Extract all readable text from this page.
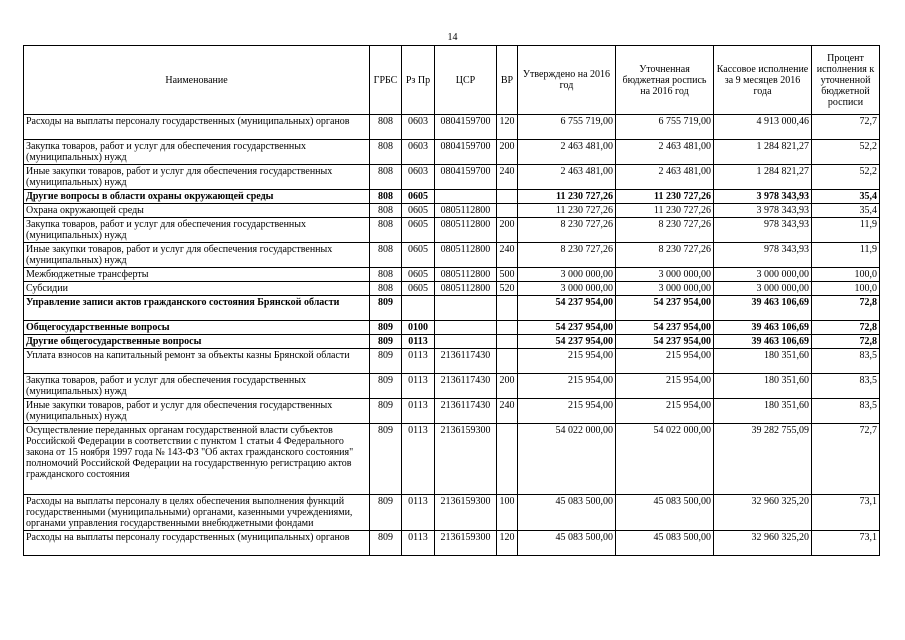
14
Наименование	ГРБС	Рз Пр	ЦСР	ВР	Утверждено на 2016 год	Уточненная бюджетная роспись на 2016 год	Кассовое исполнение за 9 месяцев 2016 года	Процент исполнения к уточненной бюджетной росписи
Расходы на выплаты персоналу государственных (муниципальных) органов	808	0603	0804159700	120	6 755 719,00	6 755 719,00	4 913 000,46	72,7
Закупка товаров, работ и услуг для обеспечения государственных (муниципальных) нужд	808	0603	0804159700	200	2 463 481,00	2 463 481,00	1 284 821,27	52,2
Иные закупки товаров, работ и услуг для обеспечения государственных (муниципальных) нужд	808	0603	0804159700	240	2 463 481,00	2 463 481,00	1 284 821,27	52,2
Другие вопросы в области охраны окружающей среды	808	0605			11 230 727,26	11 230 727,26	3 978 343,93	35,4
Охрана окружающей среды	808	0605	0805112800		11 230 727,26	11 230 727,26	3 978 343,93	35,4
Закупка товаров, работ и услуг для обеспечения государственных (муниципальных) нужд	808	0605	0805112800	200	8 230 727,26	8 230 727,26	978 343,93	11,9
Иные закупки товаров, работ и услуг для обеспечения государственных (муниципальных) нужд	808	0605	0805112800	240	8 230 727,26	8 230 727,26	978 343,93	11,9
Межбюджетные трансферты	808	0605	0805112800	500	3 000 000,00	3 000 000,00	3 000 000,00	100,0
Субсидии	808	0605	0805112800	520	3 000 000,00	3 000 000,00	3 000 000,00	100,0
Управление записи актов гражданского состояния Брянской области	809				54 237 954,00	54 237 954,00	39 463 106,69	72,8
Общегосударственные вопросы	809	0100			54 237 954,00	54 237 954,00	39 463 106,69	72,8
Другие общегосударственные вопросы	809	0113			54 237 954,00	54 237 954,00	39 463 106,69	72,8
Уплата взносов на капитальный ремонт за объекты казны Брянской области	809	0113	2136117430		215 954,00	215 954,00	180 351,60	83,5
Закупка товаров, работ и услуг для обеспечения государственных (муниципальных) нужд	809	0113	2136117430	200	215 954,00	215 954,00	180 351,60	83,5
Иные закупки товаров, работ и услуг для обеспечения государственных (муниципальных) нужд	809	0113	2136117430	240	215 954,00	215 954,00	180 351,60	83,5
Осуществление переданных органам государственной власти субъектов Российской Федерации в соответствии с пунктом 1 статьи 4 Федерального закона от 15 ноября 1997 года № 143-ФЗ "Об актах гражданского состояния" полномочий Российской Федерации на государственную регистрацию актов гражданского состояния	809	0113	2136159300		54 022 000,00	54 022 000,00	39 282 755,09	72,7
Расходы на выплаты персоналу в целях обеспечения выполнения функций государственными (муниципальными) органами, казенными учреждениями, органами управления государственными внебюджетными фондами	809	0113	2136159300	100	45 083 500,00	45 083 500,00	32 960 325,20	73,1
Расходы на выплаты персоналу государственных (муниципальных) органов	809	0113	2136159300	120	45 083 500,00	45 083 500,00	32 960 325,20	73,1
